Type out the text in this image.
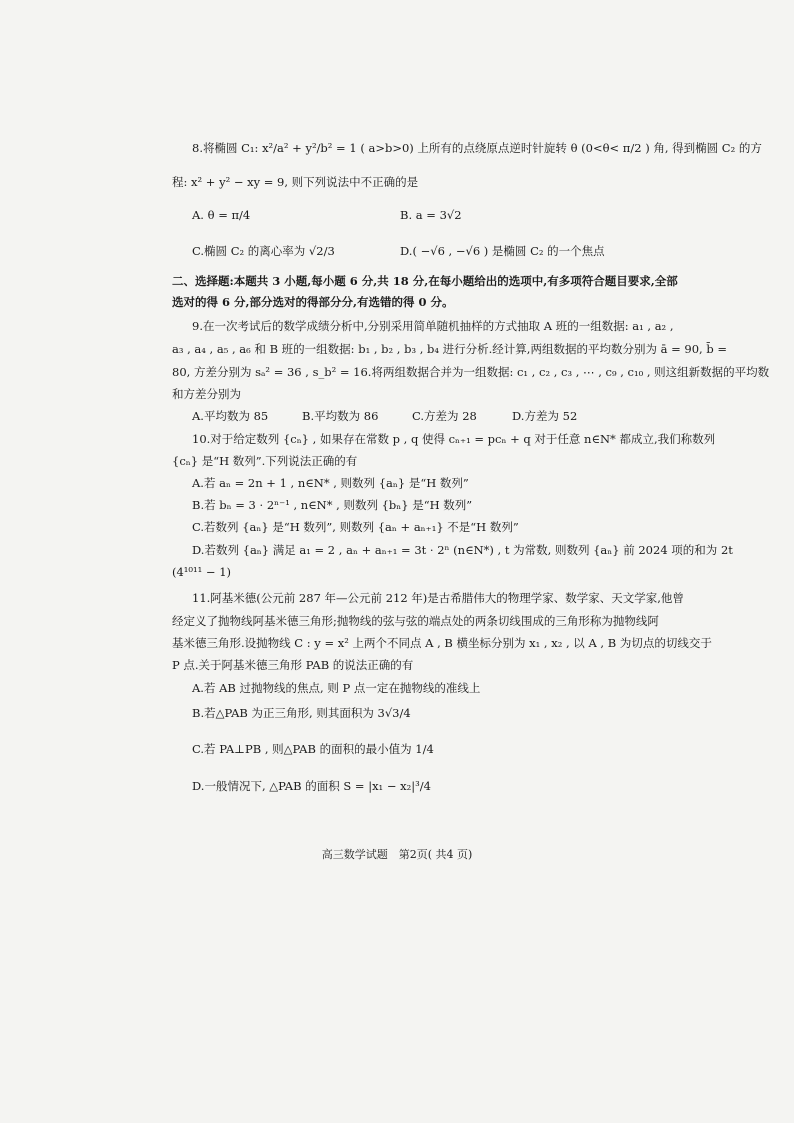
8.将椭圆 C₁: x²/a² + y²/b² = 1 ( a>b>0) 上所有的点绕原点逆时针旋转 θ (0<θ< π/2 ) 角, 得到椭圆 C₂ 的方
程: x² + y² − xy = 9, 则下列说法中不正确的是
A. θ = π/4	B. a = 3√2
C.椭圆 C₂ 的离心率为 √2/3	D.( −√6 , −√6 ) 是椭圆 C₂ 的一个焦点
二、选择题:本题共 3 小题,每小题 6 分,共 18 分,在每小题给出的选项中,有多项符合题目要求,全部
选对的得 6 分,部分选对的得部分分,有选错的得 0 分。
9.在一次考试后的数学成绩分析中,分别采用简单随机抽样的方式抽取 A 班的一组数据: a₁ , a₂ ,
a₃ , a₄ , a₅ , a₆ 和 B 班的一组数据: b₁ , b₂ , b₃ , b₄ 进行分析.经计算,两组数据的平均数分别为 ā = 90, b̄ =
80, 方差分别为 sₐ² = 36 , s_b² = 16.将两组数据合并为一组数据: c₁ , c₂ , c₃ , ⋯ , c₉ , c₁₀ , 则这组新数据的平均数
和方差分别为
A.平均数为 85	B.平均数为 86	C.方差为 28	D.方差为 52
10.对于给定数列 {cₙ} , 如果存在常数 p , q 使得 cₙ₊₁ = pcₙ + q 对于任意 n∈N* 都成立,我们称数列
{cₙ} 是“H 数列”.下列说法正确的有
A.若 aₙ = 2n + 1 , n∈N* , 则数列 {aₙ} 是“H 数列”
B.若 bₙ = 3 · 2ⁿ⁻¹ , n∈N* , 则数列 {bₙ} 是“H 数列”
C.若数列 {aₙ} 是“H 数列”, 则数列 {aₙ + aₙ₊₁} 不是“H 数列”
D.若数列 {aₙ} 满足 a₁ = 2 , aₙ + aₙ₊₁ = 3t · 2ⁿ (n∈N*) , t 为常数, 则数列 {aₙ} 前 2024 项的和为 2t
(4¹⁰¹¹ − 1)
11.阿基米德(公元前 287 年—公元前 212 年)是古希腊伟大的物理学家、数学家、天文学家,他曾
经定义了抛物线阿基米德三角形;抛物线的弦与弦的端点处的两条切线围成的三角形称为抛物线阿
基米德三角形.设抛物线 C : y = x² 上两个不同点 A , B 横坐标分别为 x₁ , x₂ , 以 A , B 为切点的切线交于
P 点.关于阿基米德三角形 PAB 的说法正确的有
A.若 AB 过抛物线的焦点, 则 P 点一定在抛物线的准线上
B.若△PAB 为正三角形, 则其面积为 3√3/4
C.若 PA⊥PB , 则△PAB 的面积的最小值为 1/4
D.一般情况下, △PAB 的面积 S = |x₁ − x₂|³/4
高三数学试题　第2页( 共4 页)
